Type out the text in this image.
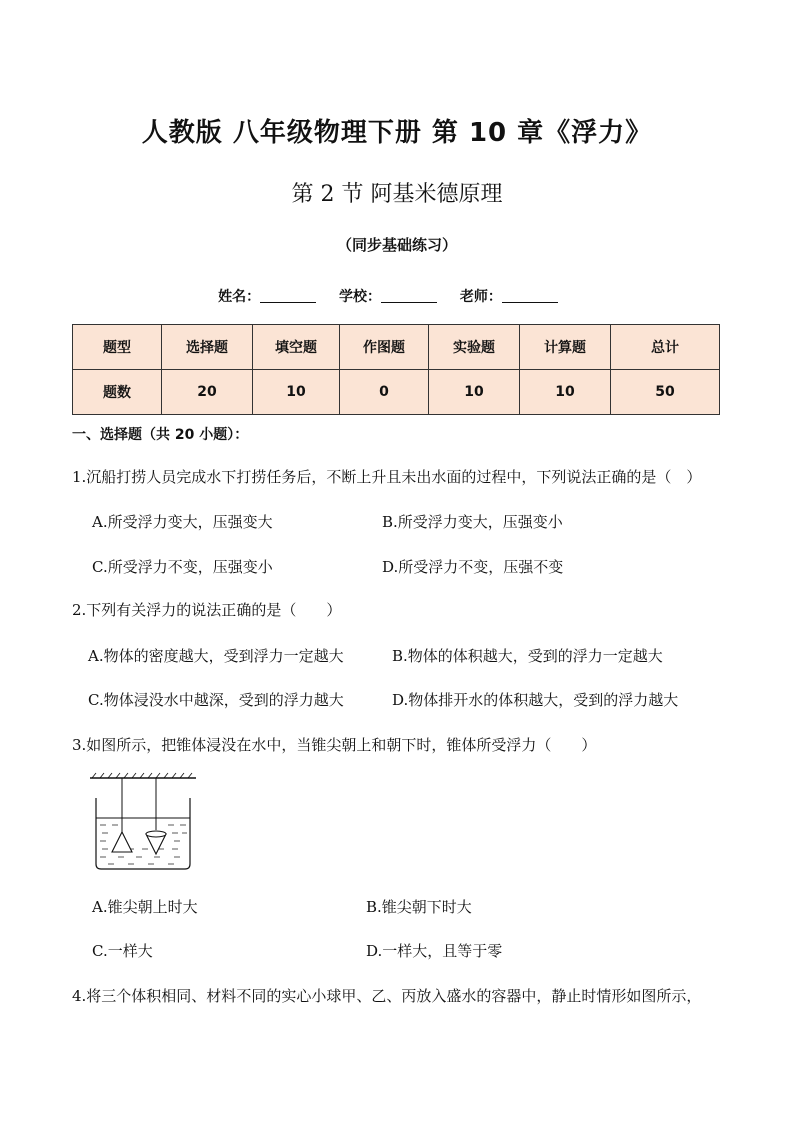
人教版 八年级物理下册 第 10 章《浮力》
第 2 节 阿基米德原理
（同步基础练习）
姓名：	学校：	老师：
题型	选择题	填空题	作图题	实验题	计算题	总计
题数	20	10	0	10	10	50
一、选择题（共 20 小题）：
1.沉船打捞人员完成水下打捞任务后，不断上升且未出水面的过程中，下列说法正确的是（　）
A.所受浮力变大，压强变大	B.所受浮力变大，压强变小
C.所受浮力不变，压强变小	D.所受浮力不变，压强不变
2.下列有关浮力的说法正确的是（　　）
A.物体的密度越大，受到浮力一定越大	B.物体的体积越大，受到的浮力一定越大
C.物体浸没水中越深，受到的浮力越大	D.物体排开水的体积越大，受到的浮力越大
3.如图所示，把锥体浸没在水中，当锥尖朝上和朝下时，锥体所受浮力（　　）
A.锥尖朝上时大	B.锥尖朝下时大
C.一样大	D.一样大，且等于零
4.将三个体积相同、材料不同的实心小球甲、乙、丙放入盛水的容器中，静止时情形如图所示，
